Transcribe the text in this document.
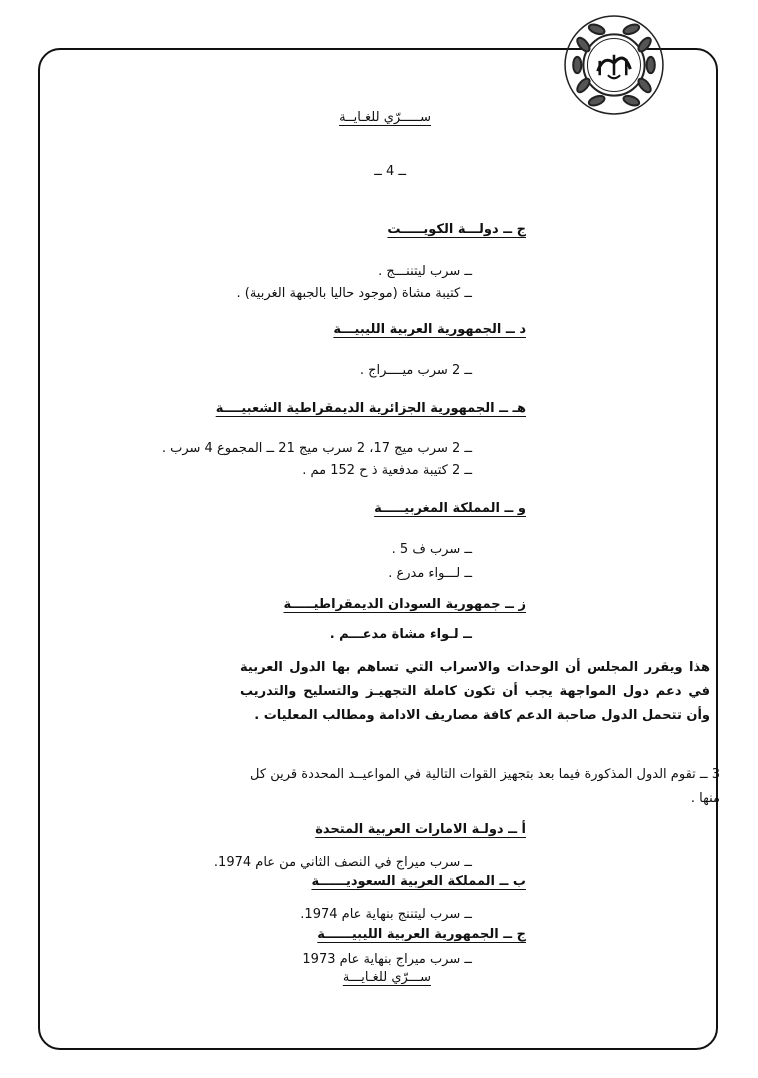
ســـــرّي للغـايــة
ــ 4 ــ
ج ــ دولـــة الكويـــــت
ــ سرب ليتننـــج .
ــ كتيبة مشاة (موجود حاليا بالجبهة الغربية) .
د ــ الجمهورية العربية الليبيـــة
ــ 2 سرب ميــــراج .
هـ ــ الجمهورية الجزائرية الديمقراطية الشعبيــــة
ــ 2 سرب ميج 17، 2 سرب ميج 21 ــ المجموع 4 سرب .
ــ 2 كتيبة مدفعية ذ ح 152 مم .
و ــ المملكة المغربيـــــة
ــ سرب ف 5 .
ــ لـــواء مدرع .
ز ــ جمهورية السودان الديمقراطيـــــة
ــ لـواء مشاة مدعـــم .
هذا ويقرر المجلس أن الوحدات والاسراب التي تساهم بها الدول العربية في دعم دول المواجهة يجب أن تكون كاملة التجهيـز والتسليح والتدريب وأن تتحمل الدول صاحبة الدعم كافة مصاريف الادامة ومطالب المعليات .
3 ــ تقوم الدول المذكورة فيما بعد بتجهيز القوات التالية في المواعيــد المحددة قرين كل منها .
أ ــ دولـة الامارات العربية المتحدة
ــ سرب ميراج في النصف الثاني من عام 1974.
ب ــ المملكة العربية السعوديــــــة
ــ سرب ليتننج بنهاية عام 1974.
ج ــ الجمهورية العربية الليبيــــــة
ــ سرب ميراج بنهاية عام 1973
ســـرّي للغـايـــة
